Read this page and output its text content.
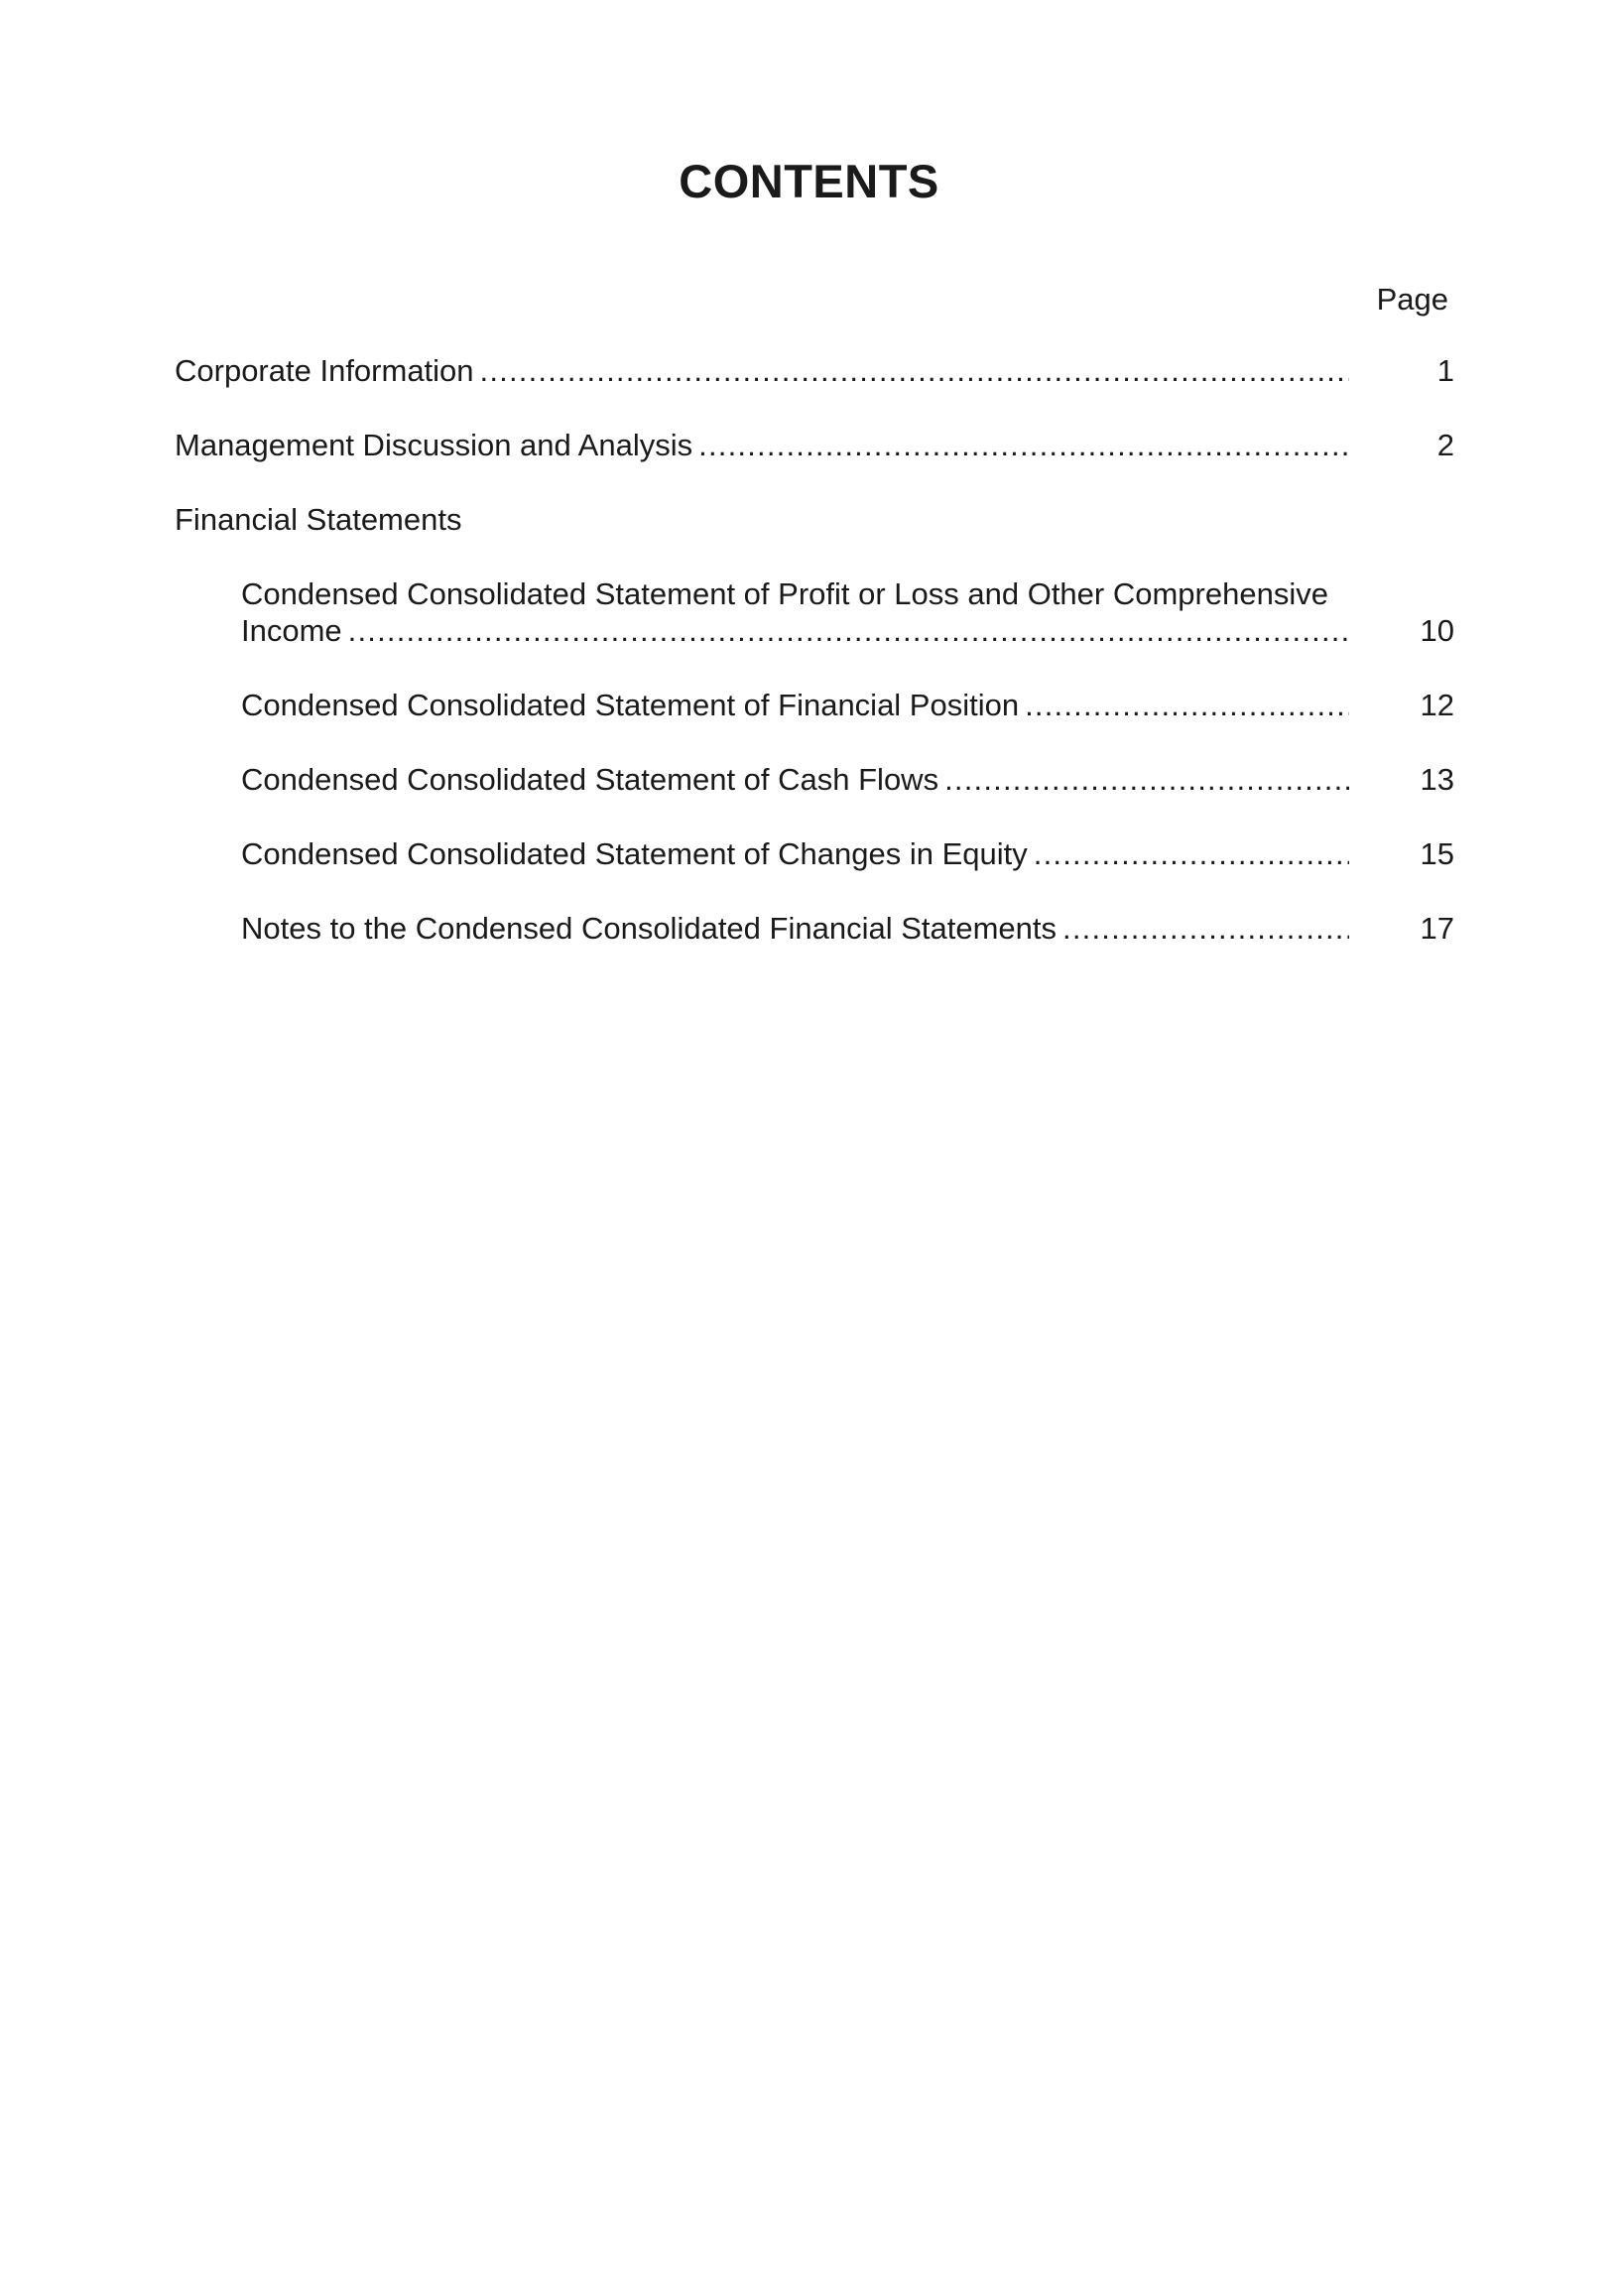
CONTENTS
Page
Corporate Information .....	1
Management Discussion and Analysis .....	2
Financial Statements
Condensed Consolidated Statement of Profit or Loss and Other Comprehensive
Income .....	10
Condensed Consolidated Statement of Financial Position .....	12
Condensed Consolidated Statement of Cash Flows .....	13
Condensed Consolidated Statement of Changes in Equity .....	15
Notes to the Condensed Consolidated Financial Statements .....	17
